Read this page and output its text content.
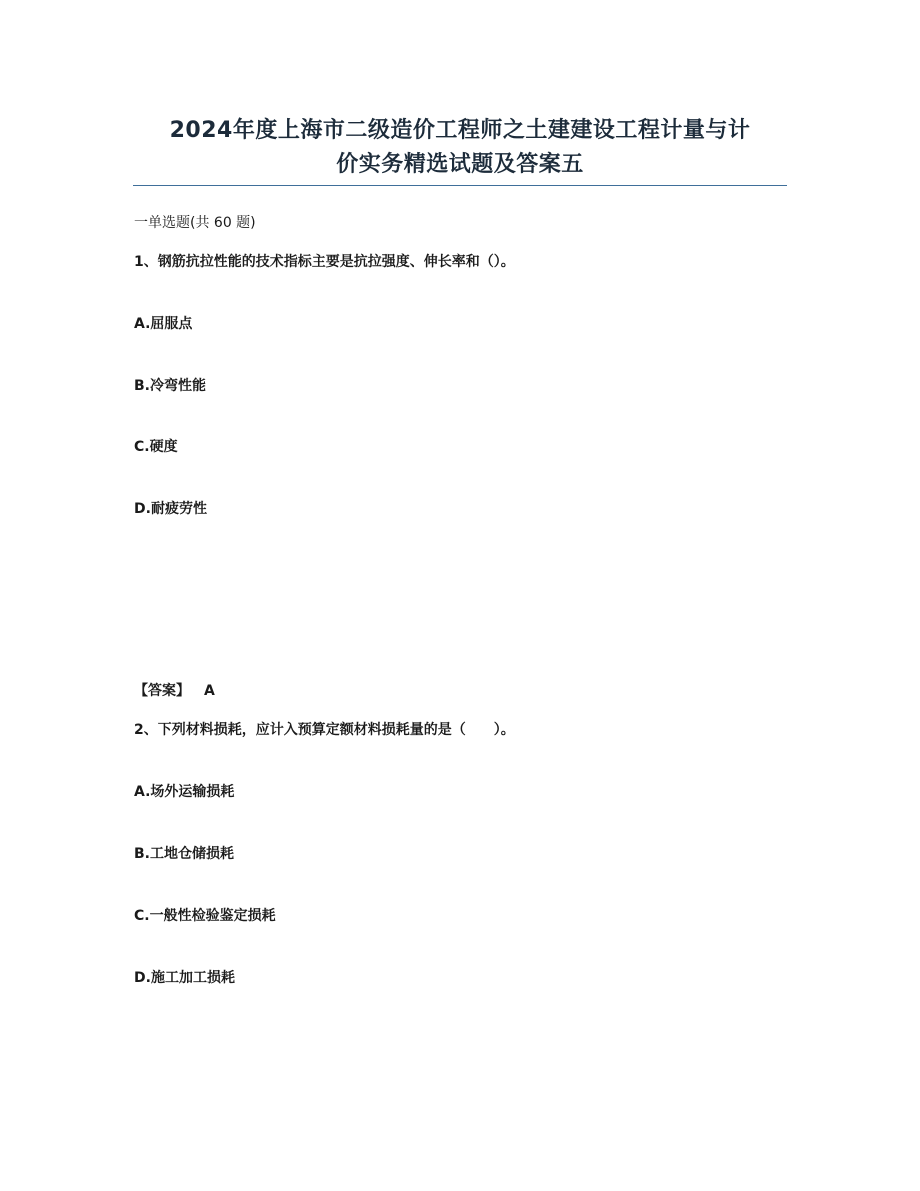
2024年度上海市二级造价工程师之土建建设工程计量与计
价实务精选试题及答案五
一单选题(共 60 题)
1、钢筋抗拉性能的技术指标主要是抗拉强度、伸长率和（）。
A.屈服点
B.冷弯性能
C.硬度
D.耐疲劳性
【答案】 A
2、下列材料损耗，应计入预算定额材料损耗量的是（　　）。
A.场外运输损耗
B.工地仓储损耗
C.一般性检验鉴定损耗
D.施工加工损耗
